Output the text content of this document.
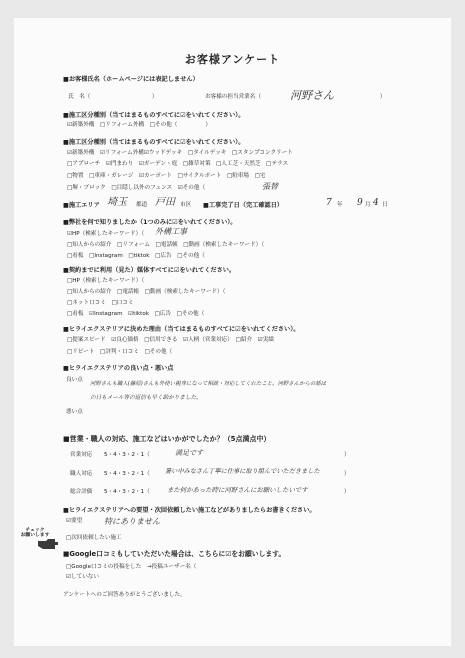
お客様アンケート
■お客様氏名（ホームページには表記しません）
氏　名（　　　　　　　　　　　）	お客様の担当営業名（	河野さん	）
■施工区分種別（当てはまるものすべてに☑をいれてください）。
☑新築外構　□リフォーム外構　□その他（　　　　　）
■施工区分種別（当てはまるものすべてに☑をいれてください）。
☑新築外構　☑リフォーム外構☑ウッドデッキ　□タイルデッキ　□スタンプコンクリート
□アプローチ　☑門まわり　☑ガーデン・庭　□雑草対策　□人工芝・天然芝　□テラス
□物置　□車庫・ガレージ　☑カーポート　□サイクルポート　□駐車場　□宅
□塀・ブロック　□目隠し以外のフェンス　☑その他（	張替
■施工エリア 埼玉 都道 戸田 市区 ■工事完了日（完工確認日）	7 年 9 月 4 日
■弊社を何で知りましたか（1つのみに☑をいれてください）。
☑HP（検索したキーワード）（ 外構工事
□知人からの紹介　□リフォーム　□電話帳　□動画（検索したキーワード）（
□看板　□Instagram　□tiktok　□広告　□その他（
■契約までに利用（見た）媒体すべてに☑をいれてください。
□HP（検索したキーワード）（
□知人からの紹介　□電話帳　□動画（検索したキーワード）（
□ネット口コミ　□口コミ
□看板　☑Instagram　☑tiktok　□広告　□その他（
■ヒライエクステリアに決めた理由（当てはまるものすべてに☑をいれてください）。
□提案スピード　☑良心価格　□信用できる　☑人柄（営業対応）　□紹介　☑実績
□リピート　□評判・口コミ　□その他（
■ヒライエクステリアの良い点・悪い点
良い点
河野さんも職人(藤原)さんも外使い親身になって相談・対応してくれたこと。河野さんからの話は
の日もメール等の返信も早く助かりました。
悪い点
■営業・職人の対応、施工などはいかがでしたか？（5点満点中）
営業対応 5・4・3・2・1（	満足です	）
職人対応 5・4・3・2・1（ 暑い中みなさん丁寧に仕事に取り組んでいただきました	）
総合評価 5・4・3・2・1（	また何かあった時に河野さんにお願いしたいです	）
■ヒライエクステリアへの要望・次回依頼したい施工などがありましたらお書きください。
☑要望	特にありません
□次回依頼したい施工
チェック
お願いします
■Google口コミもしていただいた場合は、こちらに☑をお願いします。
□Google口コミの投稿をした　→投稿ユーザー名（
☑していない
アンケートへのご回答ありがとうございました。
